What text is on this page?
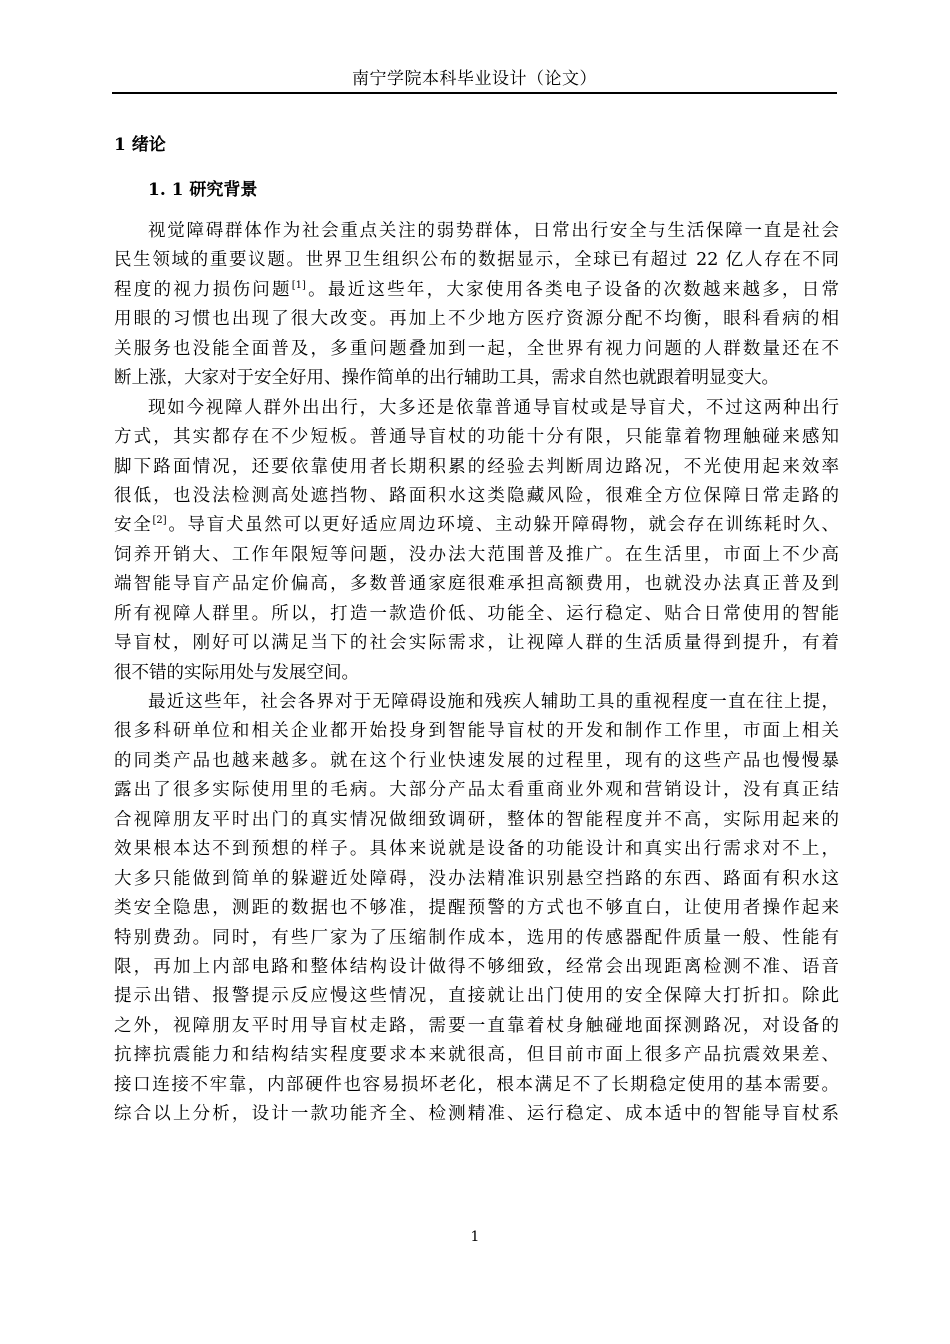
南宁学院本科毕业设计（论文）
1 绪论
1. 1 研究背景
视觉障碍群体作为社会重点关注的弱势群体，日常出行安全与生活保障一直是社会
民生领域的重要议题。世界卫生组织公布的数据显示，全球已有超过 22 亿人存在不同
程度的视力损伤问题[1]。最近这些年，大家使用各类电子设备的次数越来越多，日常
用眼的习惯也出现了很大改变。再加上不少地方医疗资源分配不均衡，眼科看病的相
关服务也没能全面普及，多重问题叠加到一起，全世界有视力问题的人群数量还在不
断上涨，大家对于安全好用、操作简单的出行辅助工具，需求自然也就跟着明显变大。
现如今视障人群外出出行，大多还是依靠普通导盲杖或是导盲犬，不过这两种出行
方式，其实都存在不少短板。普通导盲杖的功能十分有限，只能靠着物理触碰来感知
脚下路面情况，还要依靠使用者长期积累的经验去判断周边路况，不光使用起来效率
很低，也没法检测高处遮挡物、路面积水这类隐藏风险，很难全方位保障日常走路的
安全[2]。导盲犬虽然可以更好适应周边环境、主动躲开障碍物，就会存在训练耗时久、
饲养开销大、工作年限短等问题，没办法大范围普及推广。在生活里，市面上不少高
端智能导盲产品定价偏高，多数普通家庭很难承担高额费用，也就没办法真正普及到
所有视障人群里。所以，打造一款造价低、功能全、运行稳定、贴合日常使用的智能
导盲杖，刚好可以满足当下的社会实际需求，让视障人群的生活质量得到提升，有着
很不错的实际用处与发展空间。
最近这些年，社会各界对于无障碍设施和残疾人辅助工具的重视程度一直在往上提，
很多科研单位和相关企业都开始投身到智能导盲杖的开发和制作工作里，市面上相关
的同类产品也越来越多。就在这个行业快速发展的过程里，现有的这些产品也慢慢暴
露出了很多实际使用里的毛病。大部分产品太看重商业外观和营销设计，没有真正结
合视障朋友平时出门的真实情况做细致调研，整体的智能程度并不高，实际用起来的
效果根本达不到预想的样子。具体来说就是设备的功能设计和真实出行需求对不上，
大多只能做到简单的躲避近处障碍，没办法精准识别悬空挡路的东西、路面有积水这
类安全隐患，测距的数据也不够准，提醒预警的方式也不够直白，让使用者操作起来
特别费劲。同时，有些厂家为了压缩制作成本，选用的传感器配件质量一般、性能有
限，再加上内部电路和整体结构设计做得不够细致，经常会出现距离检测不准、语音
提示出错、报警提示反应慢这些情况，直接就让出门使用的安全保障大打折扣。除此
之外，视障朋友平时用导盲杖走路，需要一直靠着杖身触碰地面探测路况，对设备的
抗摔抗震能力和结构结实程度要求本来就很高，但目前市面上很多产品抗震效果差、
接口连接不牢靠，内部硬件也容易损坏老化，根本满足不了长期稳定使用的基本需要。
综合以上分析，设计一款功能齐全、检测精准、运行稳定、成本适中的智能导盲杖系
1
